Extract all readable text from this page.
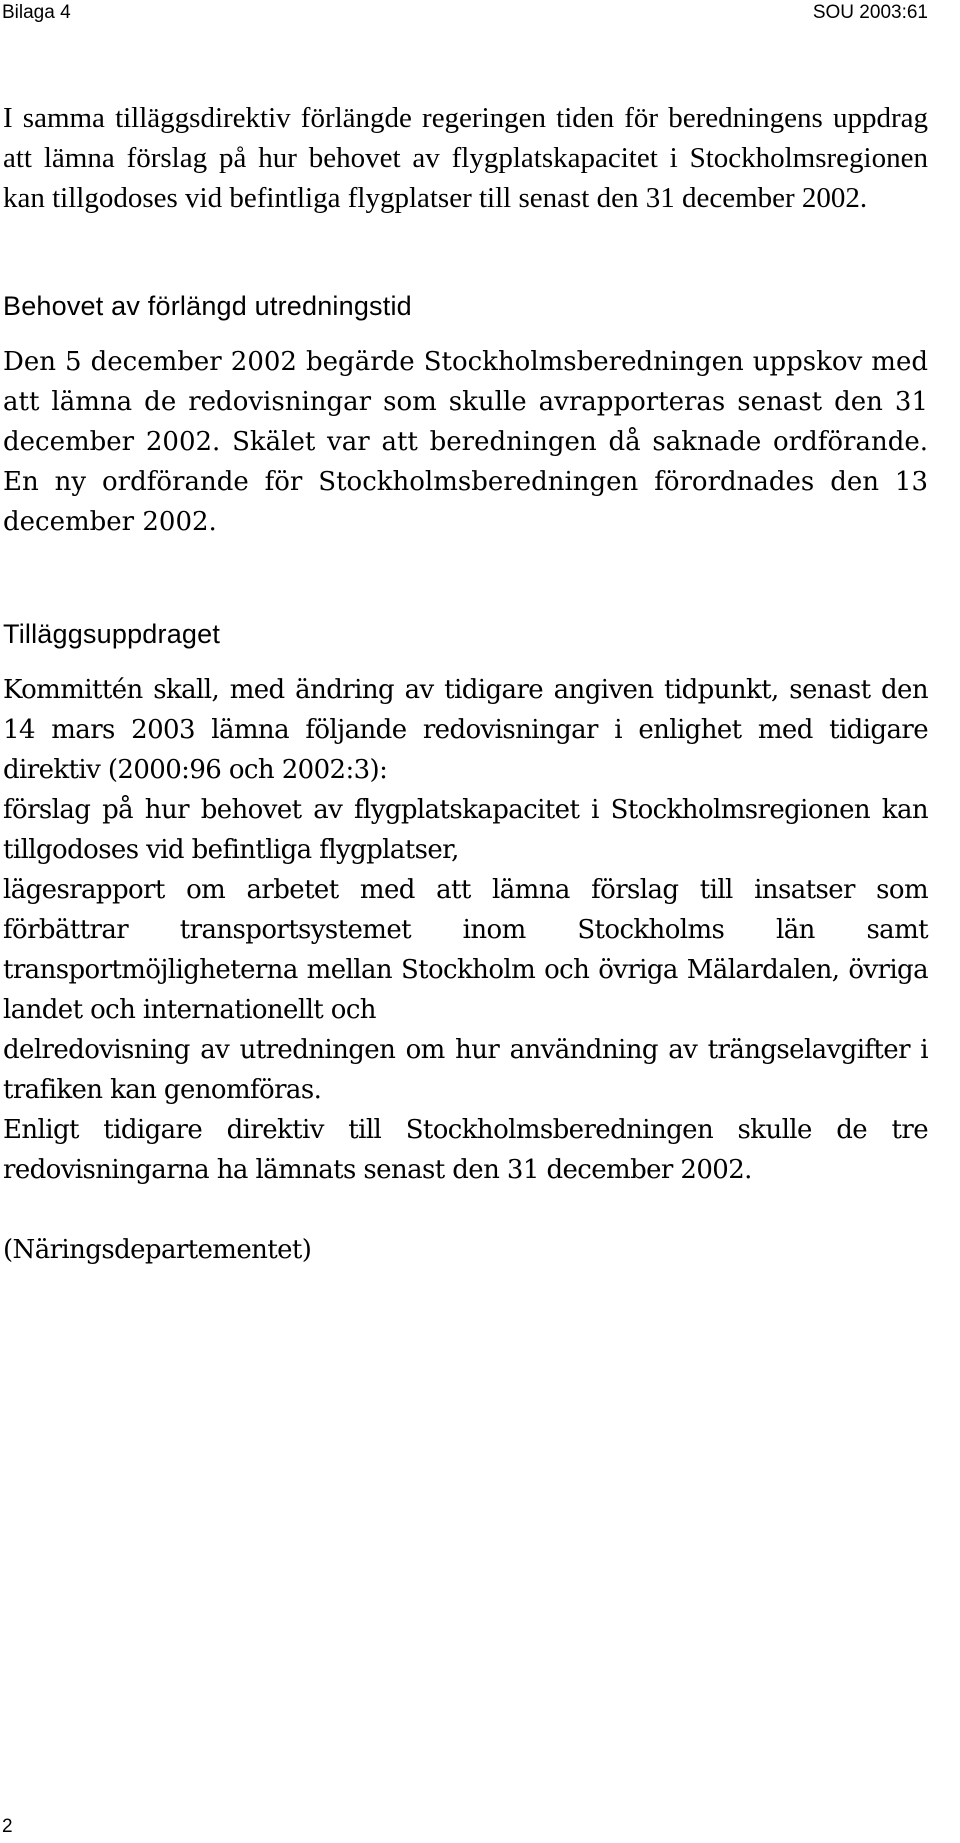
Bilaga 4	SOU 2003:61

I samma tilläggsdirektiv förlängde regeringen tiden för beredningens uppdrag att lämna förslag på hur behovet av flygplatskapacitet i Stockholmsregionen kan tillgodoses vid befintliga flygplatser till senast den 31 december 2002.

Behovet av förlängd utredningstid

Den 5 december 2002 begärde Stockholmsberedningen uppskov med att lämna de redovisningar som skulle avrapporteras senast den 31 december 2002. Skälet var att beredningen då saknade ordförande. En ny ordförande för Stockholmsberedningen förordnades den 13 december 2002.

Tilläggsuppdraget

Kommittén skall, med ändring av tidigare angiven tidpunkt, senast den 14 mars 2003 lämna följande redovisningar i enlighet med tidigare direktiv (2000:96 och 2002:3):

förslag på hur behovet av flygplatskapacitet i Stockholmsregionen kan tillgodoses vid befintliga flygplatser,

lägesrapport om arbetet med att lämna förslag till insatser som förbättrar transportsystemet inom Stockholms län samt transportmöjligheterna mellan Stockholm och övriga Mälardalen, övriga landet och internationellt och

delredovisning av utredningen om hur användning av trängselavgifter i trafiken kan genomföras.

Enligt tidigare direktiv till Stockholmsberedningen skulle de tre redovisningarna ha lämnats senast den 31 december 2002.

(Näringsdepartementet)

2
